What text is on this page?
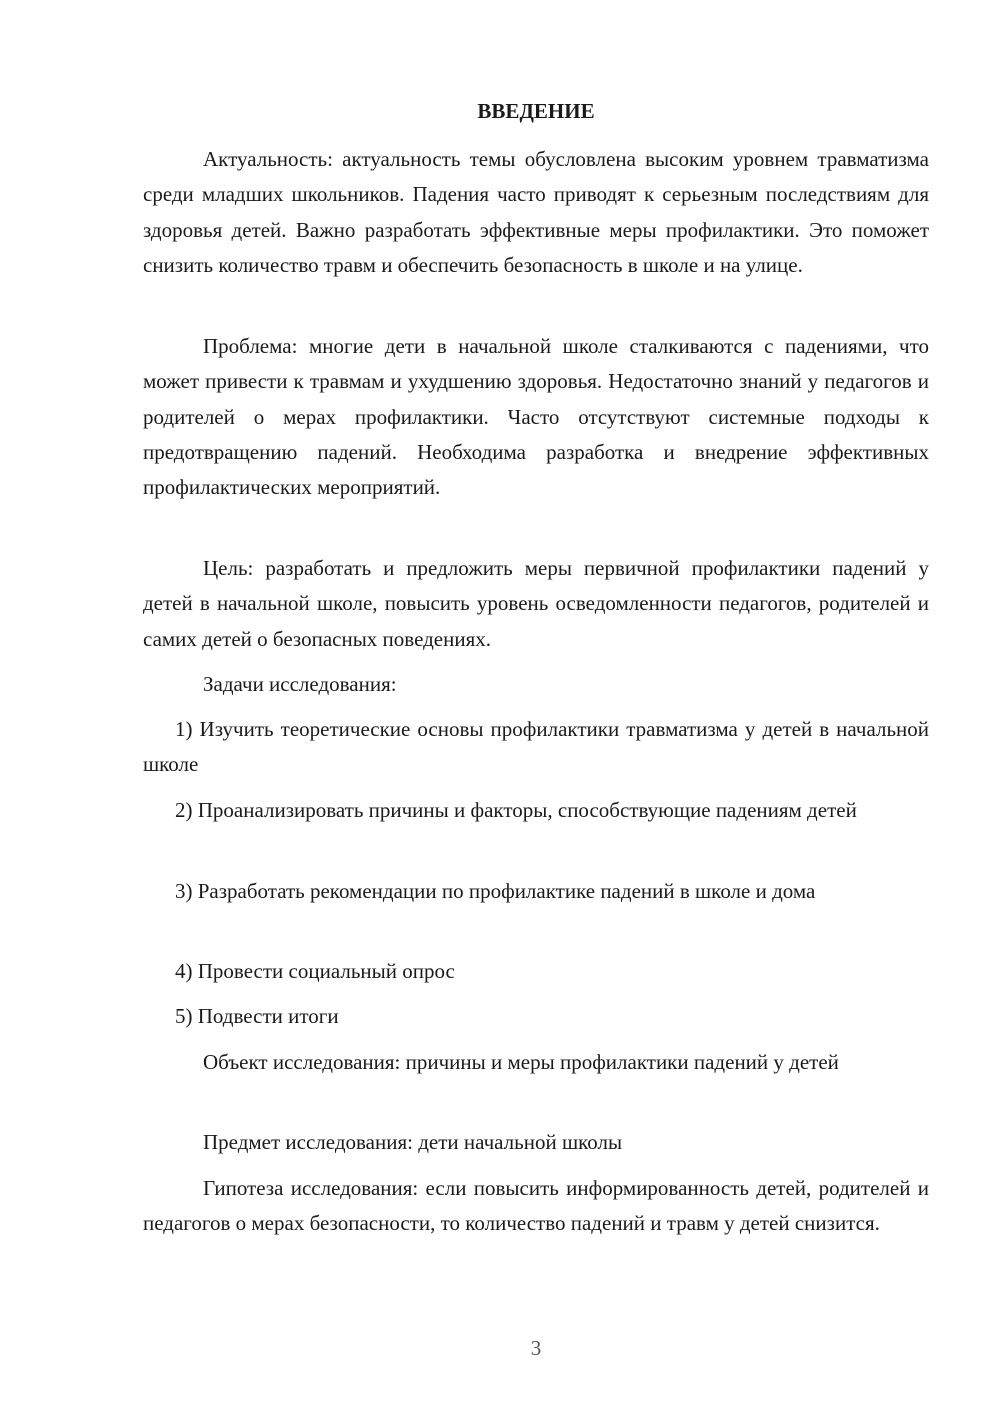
ВВЕДЕНИЕ

Актуальность: актуальность темы обусловлена высоким уровнем травматизма среди младших школьников. Падения часто приводят к серьезным последствиям для здоровья детей. Важно разработать эффективные меры профилактики. Это поможет снизить количество травм и обеспечить безопасность в школе и на улице.

Проблема: многие дети в начальной школе сталкиваются с падениями, что может привести к травмам и ухудшению здоровья. Недостаточно знаний у педагогов и родителей о мерах профилактики. Часто отсутствуют системные подходы к предотвращению падений. Необходима разработка и внедрение эффективных профилактических мероприятий.

Цель: разработать и предложить меры первичной профилактики падений у детей в начальной школе, повысить уровень осведомленности педагогов, родителей и самих детей о безопасных поведениях.

Задачи исследования:

1) Изучить теоретические основы профилактики травматизма у детей в начальной школе

2) Проанализировать причины и факторы, способствующие падениям детей

3) Разработать рекомендации по профилактике падений в школе и дома

4) Провести социальный опрос

5) Подвести итоги

Объект исследования: причины и меры профилактики падений у детей

Предмет исследования: дети начальной школы

Гипотеза исследования: если повысить информированность детей, родителей и педагогов о мерах безопасности, то количество падений и травм у детей снизится.

3
